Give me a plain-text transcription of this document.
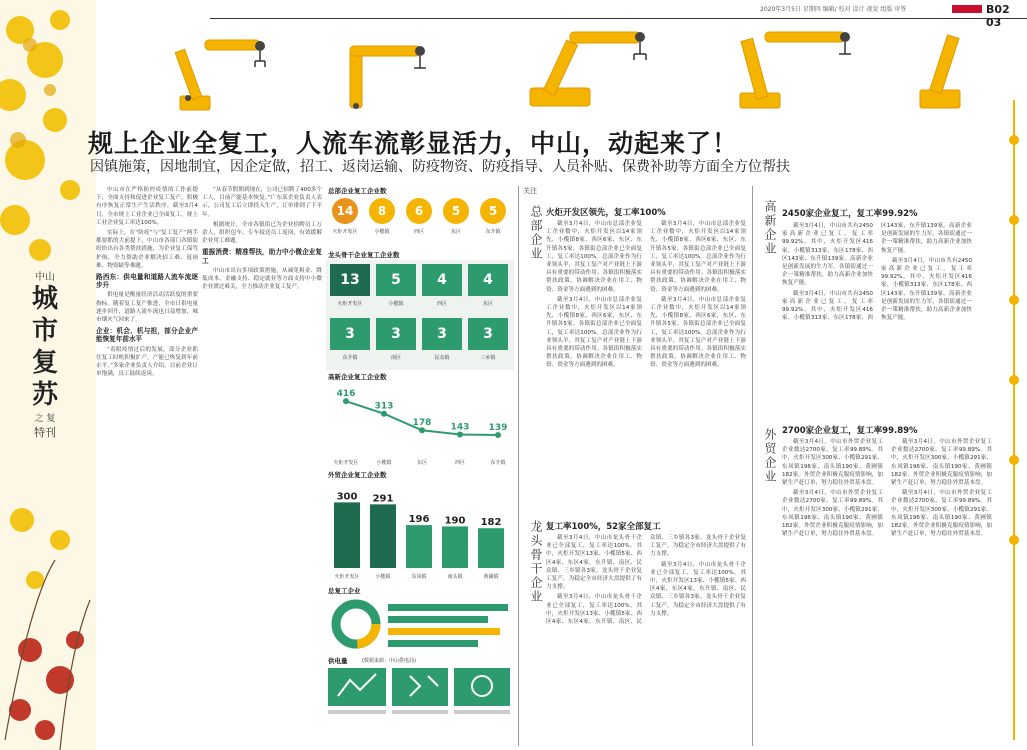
2020年3月5日 星期四 编辑/ 校对 设计 视觉 组版 审签	B02 03
规上企业全复工，人流车流彰显活力，中山，动起来了！
因镇施策，因地制宜，因企定做，招工、返岗运输、防疫物资、防疫指导、人员补贴、保费补助等方面全方位帮扶
中山
城市
复苏
之 复
特刊

中山市在严格防控疫情的工作前提下，全面支持和促进企业复工复产，积极有序恢复正常生产生活秩序。截至3月4日，全市规上工业企业已全面复工，规上工业企业复工率达100%。

实际上，在“防疫”与“复工复产”两手都要抓的大前提下，中山市各部门各镇街纷纷出台各类帮扶措施，为企业复工保驾护航，全力帮助企业解决招工难、返岗难、物资缺等难题。

路西东：供电量和道路人流车流逐步升

供电量是衡量经济活动活跃度的重要指标。随着复工复产推进，全市日供电量逐步回升，道路人流车流也日益增加，城市烟火气回来了。

企业：机会、机与担，部分企业产能恢复年前水平

“着眼疫情过后的发展，部分企业抓住复工时机积极扩产，产能已恢复到年前水平。”多家企业负责人介绍，目前企业订单饱满，员工陆续返岗。

“从春节假期到现在，公司已招聘了400多个工人，目前产能基本恢复。”广东某企业负责人表示，公司复工后立即投入生产，订单排到了下半年。

根据统计，全市各镇街已为企业招聘员工万余人，组织包车、专车接送员工返岗，有效缓解企业用工难题。

重振消费：精准帮扶，助力中小微企业复工

中山市出台多项政策措施，从减免租金、降低成本、金融支持、稳定就业等方面支持中小微企业渡过难关，全力推动企业复工复产。

总部企业复工企业数
14
火炬开发区
8
小榄镇
6
西区
5
东区
5
东升镇
龙头骨干企业复工企业数
13
火炬开发区
5
小榄镇
4
西区
4
东区
3
东升镇
3
南区
3
民众镇
3
三乡镇
高新企业复工企业数
416
火炬开发区
313
小榄镇
178
东区
143
西区
139
东升镇
外贸企业复工企业数
300
火炬开发区
291
小榄镇
196
东凤镇
190
南头镇
182
黄圃镇
总复工企业
供电量	(数据来源：中山供电局)
关注
总部企业 火炬开发区领先，复工率100%

截至3月4日，中山市总部企业复工企业数中，火炬开发区以14家领先，小榄镇8家，西区6家，东区、东升镇各5家。各镇街总部企业已全面复工，复工率达100%。总部企业作为行业领头羊，其复工复产对产业链上下游具有重要的带动作用。各镇街积极落实帮扶政策，协调解决企业在用工、物资、资金等方面遇到的困难。

截至3月4日，中山市总部企业复工企业数中，火炬开发区以14家领先，小榄镇8家，西区6家，东区、东升镇各5家。各镇街总部企业已全面复工，复工率达100%。总部企业作为行业领头羊，其复工复产对产业链上下游具有重要的带动作用。各镇街积极落实帮扶政策，协调解决企业在用工、物资、资金等方面遇到的困难。

截至3月4日，中山市总部企业复工企业数中，火炬开发区以14家领先，小榄镇8家，西区6家，东区、东升镇各5家。各镇街总部企业已全面复工，复工率达100%。总部企业作为行业领头羊，其复工复产对产业链上下游具有重要的带动作用。各镇街积极落实帮扶政策，协调解决企业在用工、物资、资金等方面遇到的困难。

截至3月4日，中山市总部企业复工企业数中，火炬开发区以14家领先，小榄镇8家，西区6家，东区、东升镇各5家。各镇街总部企业已全面复工，复工率达100%。总部企业作为行业领头羊，其复工复产对产业链上下游具有重要的带动作用。各镇街积极落实帮扶政策，协调解决企业在用工、物资、资金等方面遇到的困难。

龙头骨干企业 复工率100%，52家全部复工

截至3月4日，中山市龙头骨干企业已全部复工，复工率达100%。其中，火炬开发区13家、小榄镇5家、西区4家、东区4家，东升镇、南区、民众镇、三乡镇各3家。龙头骨干企业复工复产，为稳定全市经济大盘提供了有力支撑。

截至3月4日，中山市龙头骨干企业已全部复工，复工率达100%。其中，火炬开发区13家、小榄镇5家、西区4家、东区4家，东升镇、南区、民众镇、三乡镇各3家。龙头骨干企业复工复产，为稳定全市经济大盘提供了有力支撑。

截至3月4日，中山市龙头骨干企业已全部复工，复工率达100%。其中，火炬开发区13家、小榄镇5家、西区4家、东区4家，东升镇、南区、民众镇、三乡镇各3家。龙头骨干企业复工复产，为稳定全市经济大盘提供了有力支撑。

高新企业 2450家企业复工，复工率99.92%

截至3月4日，中山市共有2450家高新企业已复工，复工率99.92%。其中，火炬开发区416家、小榄镇313家、东区178家、西区143家、东升镇139家。高新企业是创新发展的生力军，各镇街通过一企一策精准帮扶，助力高新企业加快恢复产能。

截至3月4日，中山市共有2450家高新企业已复工，复工率99.92%。其中，火炬开发区416家、小榄镇313家、东区178家、西区143家、东升镇139家。高新企业是创新发展的生力军，各镇街通过一企一策精准帮扶，助力高新企业加快恢复产能。

截至3月4日，中山市共有2450家高新企业已复工，复工率99.92%。其中，火炬开发区416家、小榄镇313家、东区178家、西区143家、东升镇139家。高新企业是创新发展的生力军，各镇街通过一企一策精准帮扶，助力高新企业加快恢复产能。

外贸企业 2700家企业复工，复工率99.89%

截至3月4日，中山市外贸企业复工企业数达2700家，复工率99.89%。其中，火炬开发区300家、小榄镇291家、东凤镇196家、南头镇190家、黄圃镇182家。外贸企业积极克服疫情影响，加紧生产赶订单，努力稳住外贸基本盘。

截至3月4日，中山市外贸企业复工企业数达2700家，复工率99.89%。其中，火炬开发区300家、小榄镇291家、东凤镇196家、南头镇190家、黄圃镇182家。外贸企业积极克服疫情影响，加紧生产赶订单，努力稳住外贸基本盘。

截至3月4日，中山市外贸企业复工企业数达2700家，复工率99.89%。其中，火炬开发区300家、小榄镇291家、东凤镇196家、南头镇190家、黄圃镇182家。外贸企业积极克服疫情影响，加紧生产赶订单，努力稳住外贸基本盘。

截至3月4日，中山市外贸企业复工企业数达2700家，复工率99.89%。其中，火炬开发区300家、小榄镇291家、东凤镇196家、南头镇190家、黄圃镇182家。外贸企业积极克服疫情影响，加紧生产赶订单，努力稳住外贸基本盘。
